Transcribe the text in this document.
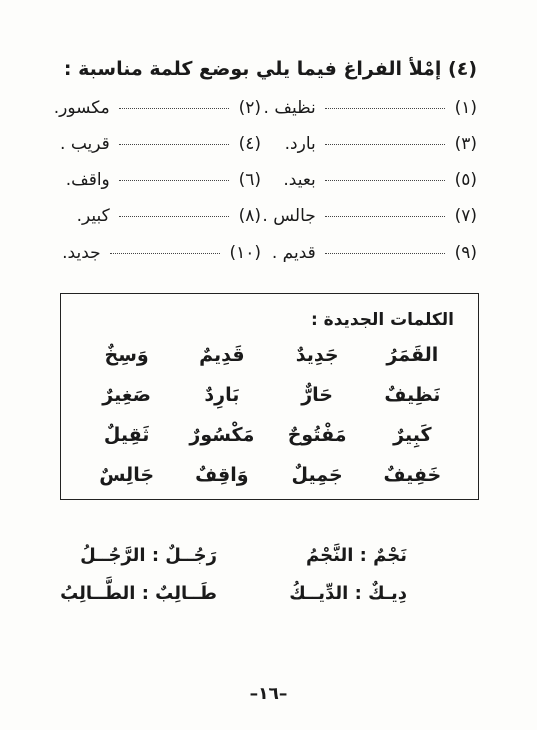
(٤) إمْلأ الفراغ فيما يلي بوضع كلمة مناسبة :
(١)  نظيف .
(٣)  بارد.
(٥)  بعيد.
(٧)  جالس .
(٩)  قديم .
(٢)  مكسور.
(٤)  قريب .
(٦)  واقف.
(٨)  كبير.
(١٠)  جديد.
الكلمات الجديدة :
القَمَرُ
جَدِيدٌ
قَدِيمٌ
وَسِخٌ
نَظِيفٌ
حَارٌّ
بَارِدٌ
صَغِيرٌ
كَبِيرٌ
مَفْتُوحٌ
مَكْسُورٌ
ثَقِيلٌ
خَفِيفٌ
جَمِيلٌ
وَاقِفٌ
جَالِسٌ
نَجْمٌ : النَّجْمُ
رَجُــلٌ : الرَّجُــلُ
دِيـكٌ : الدِّيــكُ
طَــالِبٌ : الطَّــالِبُ
–١٦–
